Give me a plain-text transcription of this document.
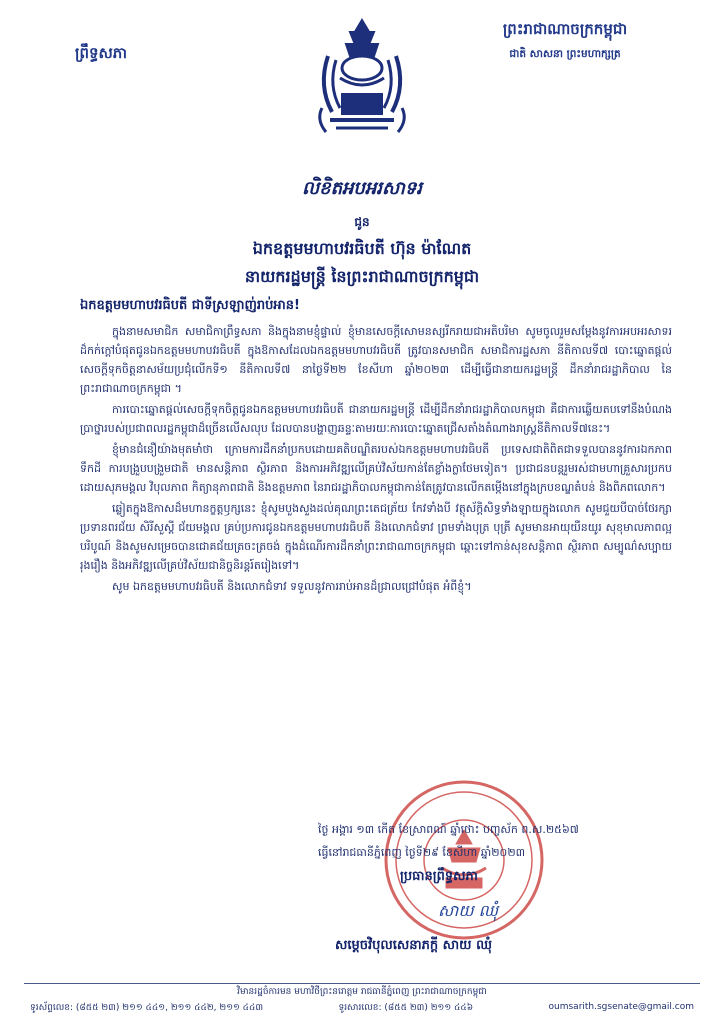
ព្រឹទ្ធសភា
ព្រះរាជាណាចក្រកម្ពុជា
ជាតិ សាសនា ព្រះមហាក្សត្រ
លិខិតអបអរសាទរ
ជូន
ឯកឧត្តមមហាបវរធិបតី ហ៊ុន ម៉ាណែត
នាយករដ្ឋមន្ត្រី នៃព្រះរាជាណាចក្រកម្ពុជា
ឯកឧត្តមមហាបវរធិបតី ជាទីស្រឡាញ់រាប់អាន!

ក្នុងនាមសមាជិក សមាជិកាព្រឹទ្ធសភា និងក្នុងនាមខ្ញុំផ្ទាល់ ខ្ញុំមានសេចក្តីសោមនស្សរីករាយជាអតិបរិមា សូមចូលរួមសម្តែងនូវការអបអរសាទរដ៏កក់ក្តៅបំផុតជូនឯកឧត្តមមហាបវរធិបតី ក្នុងឱកាសដែលឯកឧត្តមមហាបវរធិបតី ត្រូវបានសមាជិក សមាជិការដ្ឋសភា នីតិកាលទី៧ បោះឆ្នោតផ្តល់សេចក្តីទុកចិត្តនាសម័យប្រជុំលើកទី១ នីតិកាលទី៧ នាថ្ងៃទី២២ ខែសីហា ឆ្នាំ២០២៣ ដើម្បីធ្វើជានាយករដ្ឋមន្ត្រី ដឹកនាំរាជរដ្ឋាភិបាល នៃព្រះរាជាណាចក្រកម្ពុជា ។

ការបោះឆ្នោតផ្តល់សេចក្តីទុកចិត្តជូនឯកឧត្តមមហាបវរធិបតី ជានាយករដ្ឋមន្ត្រី ដើម្បីដឹកនាំរាជរដ្ឋាភិបាលកម្ពុជា គឺជាការឆ្លើយតបទៅនឹងបំណងប្រាថ្នារបស់ប្រជាពលរដ្ឋកម្ពុជាដ៏ច្រើនលើសលុប ដែលបានបង្ហាញឆន្ទៈតាមរយៈការបោះឆ្នោតជ្រើសតាំងតំណាងរាស្ត្រនីតិកាលទី៧នេះ។

ខ្ញុំមានជំនឿយ៉ាងមុតមាំថា ក្រោមការដឹកនាំប្រកបដោយគតិបណ្ឌិតរបស់ឯកឧត្តមមហាបវរធិបតី ប្រទេសជាតិពិតជាទទួលបាននូវការឯកភាពទឹកដី ការបង្រួបបង្រួមជាតិ មានសន្តិភាព ស្ថិរភាព និងការអភិវឌ្ឍលើគ្រប់វិស័យកាន់តែខ្លាំងក្លាថែមទៀត។ ប្រជាជនបន្តរួមរស់ជាមហាគ្រួសារប្រកបដោយសុភមង្គល វិបុលភាព កិត្យានុភាពជាតិ និងឧត្តមភាព នៃរាជរដ្ឋាភិបាលកម្ពុជាកាន់តែត្រូវបានលើកតម្កើងនៅក្នុងក្របខណ្ឌតំបន់ និងពិភពលោក។

ឆ្លៀតក្នុងឱកាសដ៏មហានក្ខត្តឫក្សនេះ ខ្ញុំសូមបួងសួងដល់គុណព្រះតេជត្រ័យ កែវទាំងបី វត្ថុស័ក្តិសិទ្ធទាំងឡាយក្នុងលោក សូមជួយបីបាច់ថែរក្សាប្រទានពរជ័យ សិរីសួស្តី ជ័យមង្គល គ្រប់ប្រការជូនឯកឧត្តមមហាបវរធិបតី និងលោកជំទាវ ព្រមទាំងបុត្រ បុត្រី សូមមានអាយុយឺនយូរ សុខុមាលភាពល្អបរិបូណ៍ និងសូមសម្រេចបានជោគជ័យត្រចះត្រចង់ ក្នុងដំណើរការដឹកនាំព្រះរាជាណាចក្រកម្ពុជា ឆ្ពោះទៅកាន់សុខសន្តិភាព ស្ថិរភាព សម្បូណ៌សប្បាយ រុងរឿង និងអភិវឌ្ឍលើគ្រប់វិស័យជានិច្ចនិរន្តរ៍តរៀងទៅ។

សូម ឯកឧត្តមមហាបវរធិបតី និងលោកជំទាវ ទទួលនូវការរាប់អានដ៏ជ្រាលជ្រៅបំផុត អំពីខ្ញុំ។

ថ្ងៃ អង្គារ ១៣ កើត ខែស្រាពណ៍ ឆ្នាំថោះ បញ្ចស័ក ព.ស.២៥៦៧
ធ្វើនៅរាជធានីភ្នំពេញ ថ្ងៃទី២៩ ខែសីហា ឆ្នាំ២០២៣
ប្រធានព្រឹទ្ធសភា
សាយ ឈុំ
សម្តេចវិបុលសេនាភក្តី សាយ ឈុំ
វិមានរដ្ឋចំការមន មហាវិថីព្រះនរោត្តម រាជធានីភ្នំពេញ ព្រះរាជាណាចក្រកម្ពុជា
ទូរស័ព្ទលេខ: (៨៥៥ ២៣) ២១១ ៤៤១, ២១១ ៤៤២, ២១១ ៤៤៣	ទូរសារលេខ: (៨៥៥ ២៣) ២១១ ៤៤៦	oumsarith.sgsenate@gmail.com
